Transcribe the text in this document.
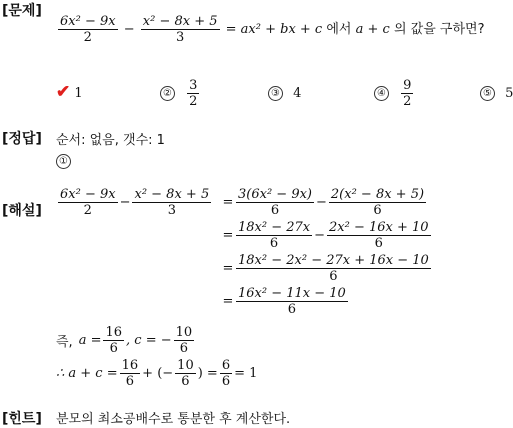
[문제]
[정답]
[해설]
[힌트]
$\frac{\text{6x² − 9x}}{2} - \frac{\text{x² − 8x + 5}}{3} = ax^2$ + bx + c 에서 a + c 의 값을 구하면?
✔ 1	② $\frac{3}{2}$	③ 4	④ $\frac{9}{2}$	⑤ 5
순서: 없음, 갯수: 1
①
$\frac{\text{6x² − 9x}}{2} - \frac{\text{x² − 8x + 5}}{3} = \frac{\text{3(6x² − 9x)}}{6} - \frac{\text{2(x² − 8x + 5)}}{6}$
= $\frac{\text{18x² − 27x}}{6} - \frac{\text{2x² − 16x + 10}}{6}$
= $\frac{\text{18x² − 2x² − 27x + 16x − 10}}{6}$
= $\frac{\text{16x² − 11x − 10}}{6}$
즉, $a = \frac{16}{6}$ , c = − $\frac{10}{6}$
∴ $a + c = \frac{16}{6}$ + (− $\frac{10}{6}$ ) = $\frac{6}{6} = 1$
분모의 최소공배수로 통분한 후 계산한다.
